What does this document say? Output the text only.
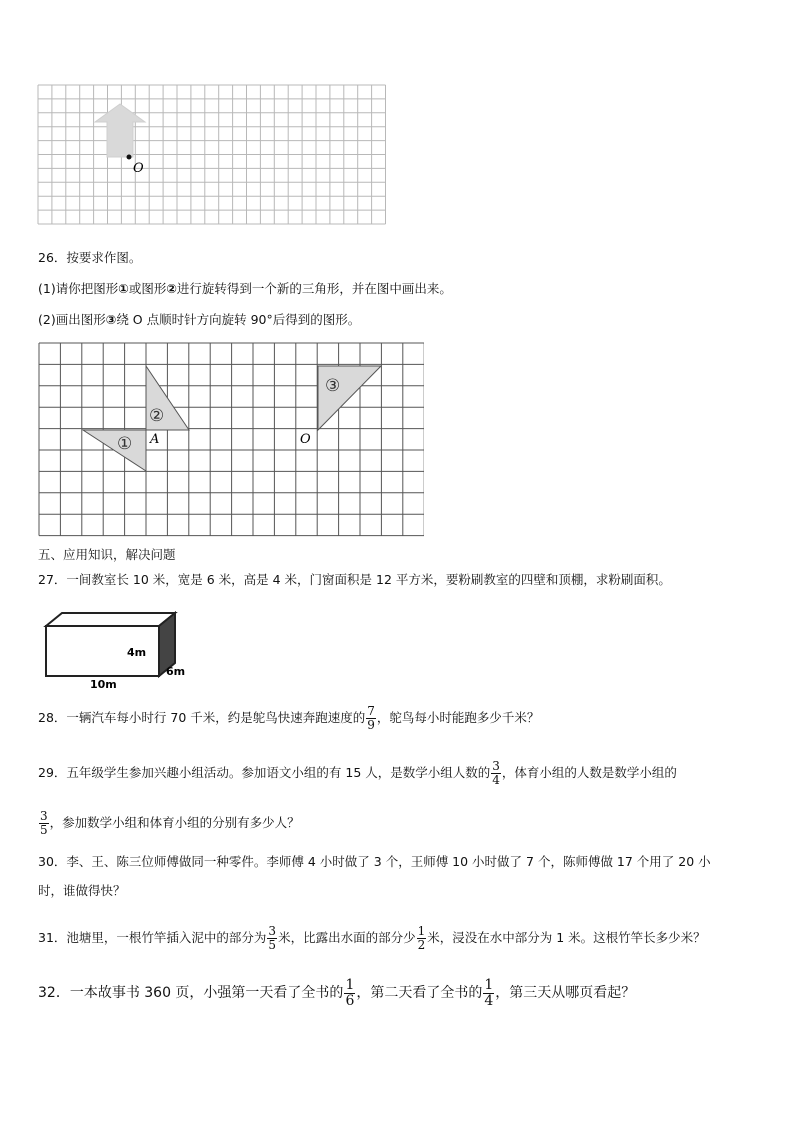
O
26．按要求作图。
(1)请你把图形①或图形②进行旋转得到一个新的三角形，并在图中画出来。
(2)画出图形③绕 O 点顺时针方向旋转 90°后得到的图形。
①
②
③
A	O
五、应用知识，解决问题
27．一间教室长 10 米，宽是 6 米，高是 4 米，门窗面积是 12 平方米，要粉刷教室的四壁和顶棚，求粉刷面积。
4m
6m
10m
28．一辆汽车每小时行 70 千米，约是鸵鸟快速奔跑速度的 $\frac{7}{9}$ ，鸵鸟每小时能跑多少千米？
29．五年级学生参加兴趣小组活动。参加语文小组的有 15 人，是数学小组人数的 $\frac{3}{4}$ ，体育小组的人数是数学小组的
$\frac{3}{5}$ ，参加数学小组和体育小组的分别有多少人？
30．李、王、陈三位师傅做同一种零件。李师傅 4 小时做了 3 个，王师傅 10 小时做了 7 个，陈师傅做 17 个用了 20 小
时，谁做得快？
31．池塘里，一根竹竿插入泥中的部分为 $\frac{3}{5}$ 米，比露出水面的部分少 $\frac{1}{2}$ 米，浸没在水中部分为 1 米。这根竹竿长多少米？
32．一本故事书 360 页，小强第一天看了全书的 $\frac{1}{6}$ ，第二天看了全书的 $\frac{1}{4}$ ，第三天从哪页看起？
